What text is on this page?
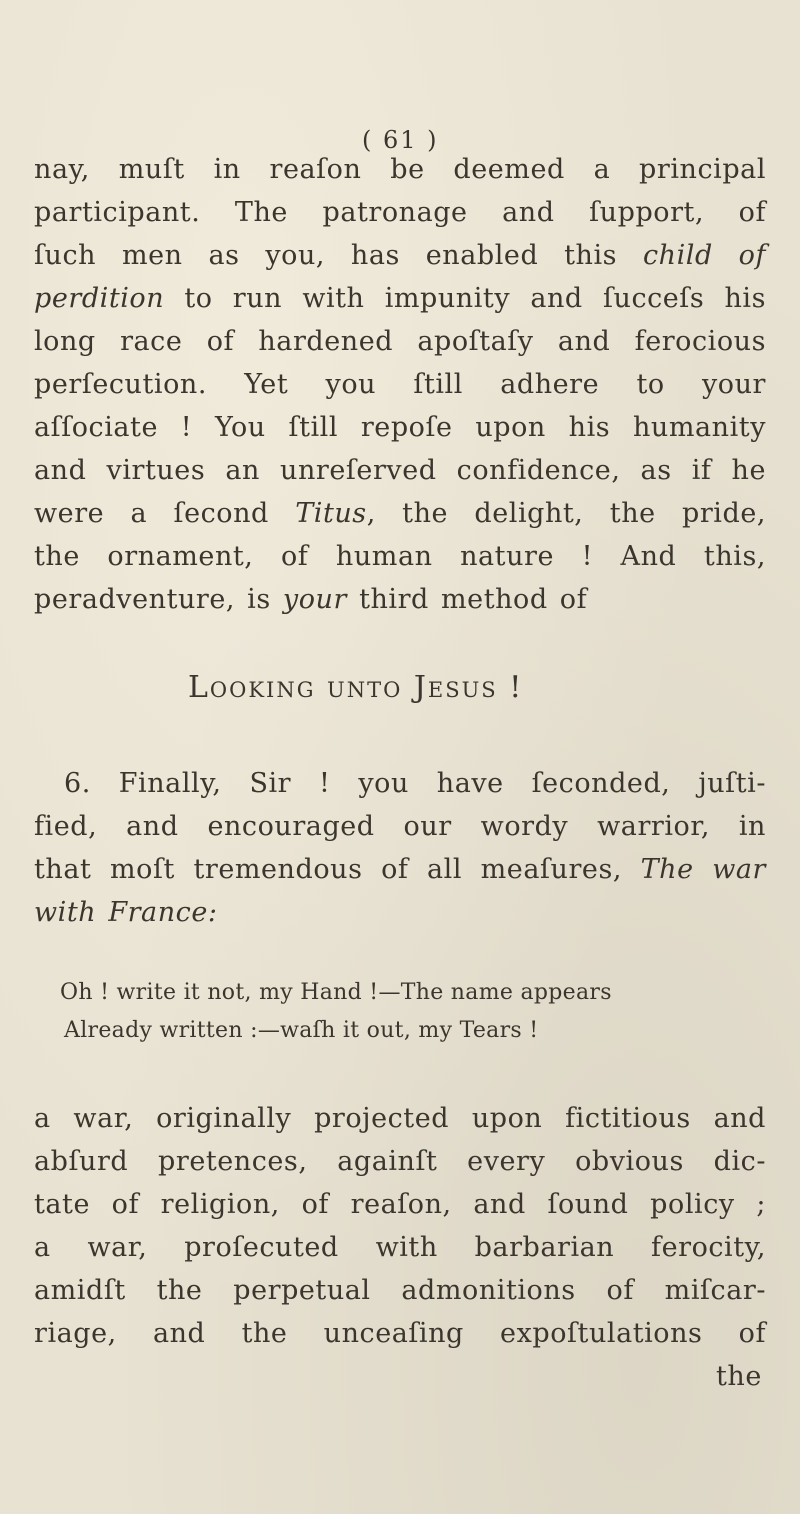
( 61 )
nay, muſt in reaſon be deemed a principal
participant. The patronage and ſupport, of
ſuch men as you, has enabled this child of
perdition to run with impunity and ſucceſs his
long race of hardened apoſtaſy and ferocious
perſecution. Yet you ſtill adhere to your
aſſociate ! You ſtill repoſe upon his humanity
and virtues an unreſerved confidence, as if he
were a ſecond Titus, the delight, the pride,
the ornament, of human nature ! And this,
peradventure, is your third method of
Looking unto Jesus !
6. Finally, Sir ! you have ſeconded, juſti-
fied, and encouraged our wordy warrior, in
that moſt tremendous of all meaſures, The war
with France:
Oh ! write it not, my Hand !—The name appears
Already written :—waſh it out, my Tears !
a war, originally projected upon fictitious and
abſurd pretences, againſt every obvious dic-
tate of religion, of reaſon, and ſound policy ;
a war, proſecuted with barbarian ferocity,
amidſt the perpetual admonitions of miſcar-
riage, and the unceaſing expoſtulations of
the
